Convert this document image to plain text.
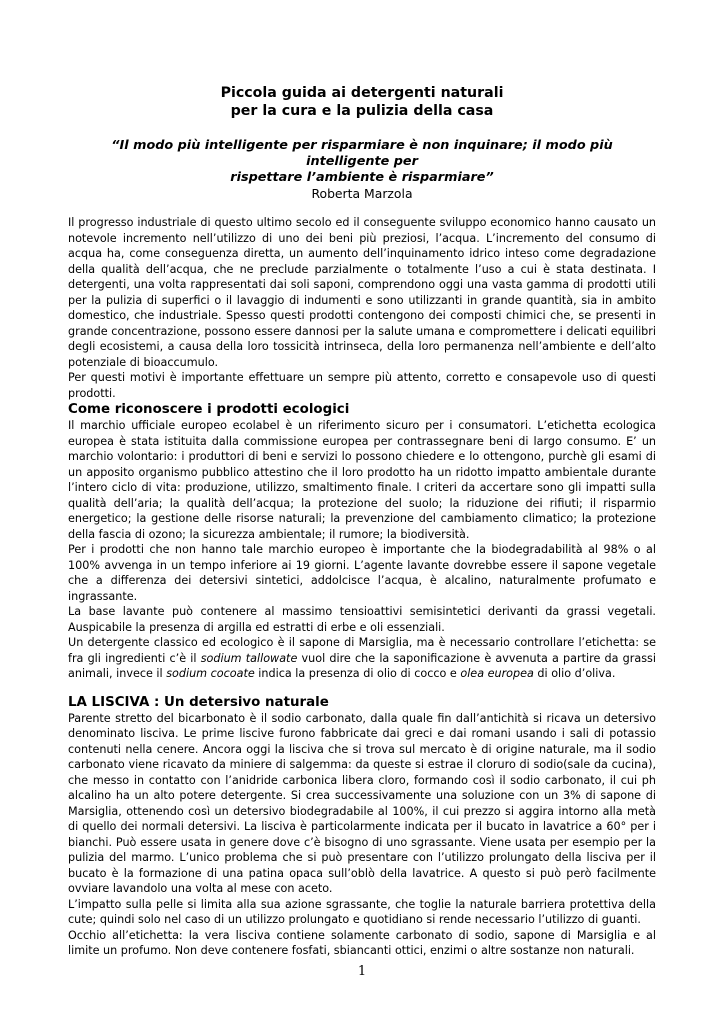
Piccola guida ai detergenti naturali

per la cura e la pulizia della casa

“Il modo più intelligente per risparmiare è non inquinare; il modo più intelligente per
rispettare l’ambiente è risparmiare”

Roberta Marzola

Il progresso industriale di questo ultimo secolo ed il conseguente sviluppo economico hanno causato un notevole incremento nell’utilizzo di uno dei beni più preziosi, l’acqua. L’incremento del consumo di acqua ha, come conseguenza diretta, un aumento dell’inquinamento idrico inteso come degradazione della qualità dell’acqua, che ne preclude parzialmente o totalmente l’uso a cui è stata destinata. I detergenti, una volta rappresentati dai soli saponi, comprendono oggi una vasta gamma di prodotti utili per la pulizia di superfici o il lavaggio di indumenti e sono utilizzanti in grande quantità, sia in ambito domestico, che industriale. Spesso questi prodotti contengono dei composti chimici che, se presenti in grande concentrazione, possono essere dannosi per la salute umana e compromettere i delicati equilibri degli ecosistemi, a causa della loro tossicità intrinseca, della loro permanenza nell’ambiente e dell’alto potenziale di bioaccumulo.

Per questi motivi è importante effettuare un sempre più attento, corretto e consapevole uso di questi prodotti.

Come riconoscere i prodotti ecologici

Il marchio ufficiale europeo ecolabel è un riferimento sicuro per i consumatori. L’etichetta ecologica europea è stata istituita dalla commissione europea per contrassegnare beni di largo consumo. E’ un marchio volontario: i produttori di beni e servizi lo possono chiedere e lo ottengono, purchè gli esami di un apposito organismo pubblico attestino che il loro prodotto ha un ridotto impatto ambientale durante l’intero ciclo di vita: produzione, utilizzo, smaltimento finale. I criteri da accertare sono gli impatti sulla qualità dell’aria; la qualità dell’acqua; la protezione del suolo; la riduzione dei rifiuti; il risparmio energetico; la gestione delle risorse naturali; la prevenzione del cambiamento climatico; la protezione della fascia di ozono; la sicurezza ambientale; il rumore; la biodiversità.

Per i prodotti che non hanno tale marchio europeo è importante che la biodegradabilità al 98% o al 100% avvenga in un tempo inferiore ai 19 giorni. L’agente lavante dovrebbe essere il sapone vegetale che a differenza dei detersivi sintetici, addolcisce l’acqua, è alcalino, naturalmente profumato e ingrassante.

La base lavante può contenere al massimo tensioattivi semisintetici derivanti da grassi vegetali. Auspicabile la presenza di argilla ed estratti di erbe e oli essenziali.

Un detergente classico ed ecologico è il sapone di Marsiglia, ma è necessario controllare l’etichetta: se fra gli ingredienti c’è il sodium tallowate vuol dire che la saponificazione è avvenuta a partire da grassi animali, invece il sodium cocoate indica la presenza di olio di cocco e olea europea di olio d’oliva.

LA LISCIVA : Un detersivo naturale

Parente stretto del bicarbonato è il sodio carbonato, dalla quale fin dall’antichità si ricava un detersivo denominato lisciva. Le prime liscive furono fabbricate dai greci e dai romani usando i sali di potassio contenuti nella cenere. Ancora oggi la lisciva che si trova sul mercato è di origine naturale, ma il sodio carbonato viene ricavato da miniere di salgemma: da queste si estrae il cloruro di sodio(sale da cucina), che messo in contatto con l’anidride carbonica libera cloro, formando così il sodio carbonato, il cui ph alcalino ha un alto potere detergente. Si crea successivamente una soluzione con un 3% di sapone di Marsiglia, ottenendo così un detersivo biodegradabile al 100%, il cui prezzo si aggira intorno alla metà di quello dei normali detersivi. La lisciva è particolarmente indicata per il bucato in lavatrice a 60° per i bianchi. Può essere usata in genere dove c’è bisogno di uno sgrassante. Viene usata per esempio per la pulizia del marmo. L’unico problema che si può presentare con l’utilizzo prolungato della lisciva per il bucato è la formazione di una patina opaca sull’oblò della lavatrice. A questo si può però facilmente ovviare lavandolo una volta al mese con aceto.

L’impatto sulla pelle si limita alla sua azione sgrassante, che toglie la naturale barriera protettiva della cute; quindi solo nel caso di un utilizzo prolungato e quotidiano si rende necessario l’utilizzo di guanti.

Occhio all’etichetta: la vera lisciva contiene solamente carbonato di sodio, sapone di Marsiglia e al limite un profumo. Non deve contenere fosfati, sbiancanti ottici, enzimi o altre sostanze non naturali.

1
